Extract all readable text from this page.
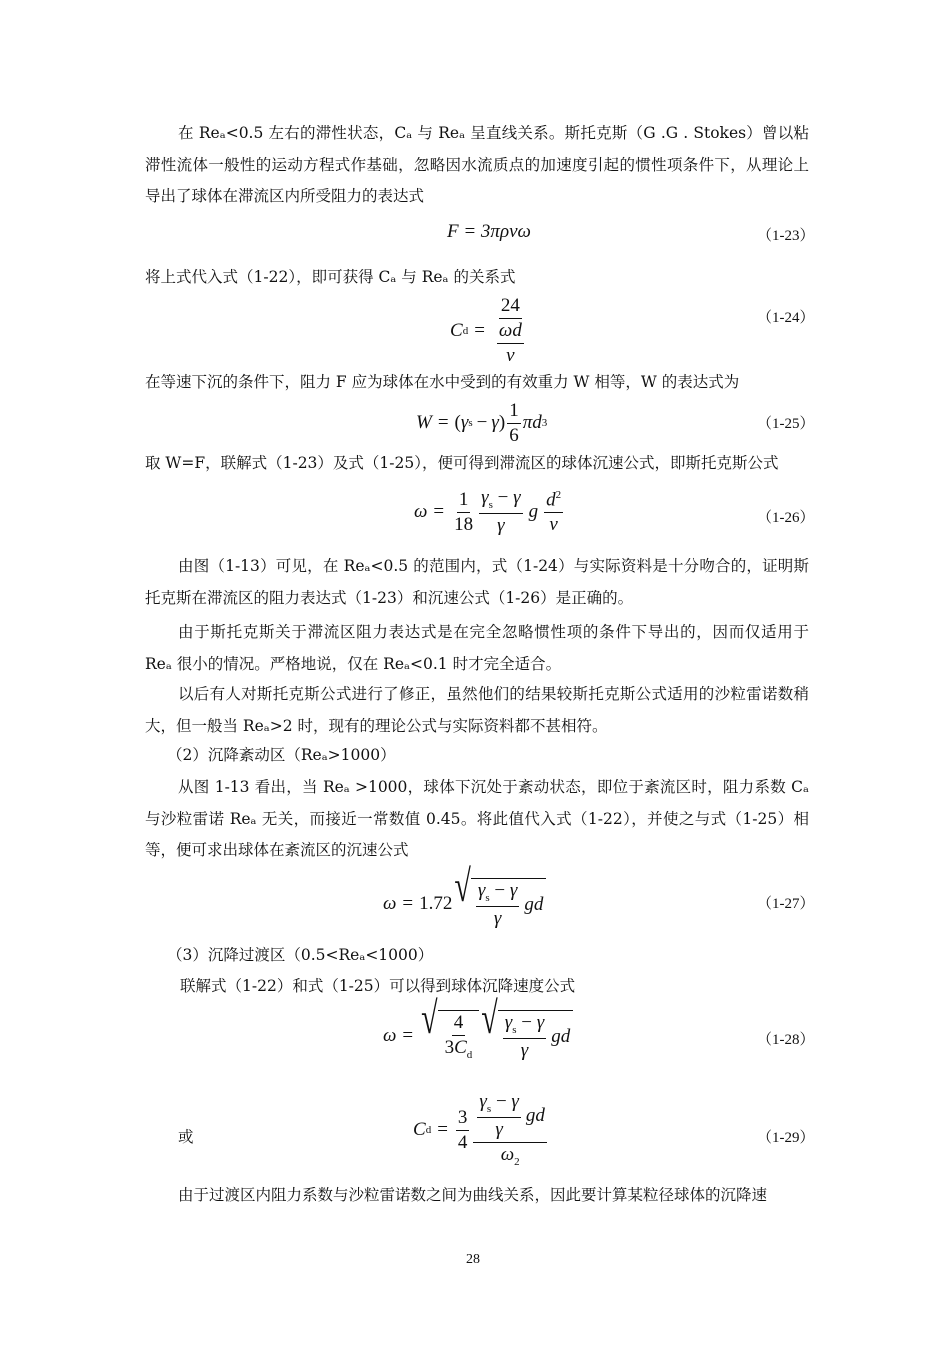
在 Reₐ<0.5 左右的滞性状态，Cₐ 与 Reₐ 呈直线关系。斯托克斯（G .G . Stokes）曾以粘滞性流体一般性的运动方程式作基础，忽略因水流质点的加速度引起的惯性项条件下，从理论上导出了球体在滞流区内所受阻力的表达式

F = 3πρνω	（1-23）

将上式代入式（1-22），即可获得 Cₐ 与 Reₐ 的关系式

C $d = \frac{24}{\frac{\omega d}{\nu}}$	（1-24）

在等速下沉的条件下，阻力 F 应为球体在水中受到的有效重力 W 相等，W 的表达式为

W = ( γ s − γ ) $\frac{1}{6}$ πd 3	（1-25）

取 W=F，联解式（1-23）及式（1-25），便可得到滞流区的球体沉速公式，即斯托克斯公式

$\omega = \frac{1}{18} \frac{\gamma_s - \gamma}{\gamma}$ g $\frac{d^2}{\nu}$	（1-26）

由图（1-13）可见，在 Reₐ<0.5 的范围内，式（1-24）与实际资料是十分吻合的，证明斯托克斯在滞流区的阻力表达式（1-23）和沉速公式（1-26）是正确的。

由于斯托克斯关于滞流区阻力表达式是在完全忽略惯性项的条件下导出的，因而仅适用于 Reₐ 很小的情况。严格地说，仅在 Reₐ<0.1 时才完全适合。

以后有人对斯托克斯公式进行了修正，虽然他们的结果较斯托克斯公式适用的沙粒雷诺数稍大，但一般当 Reₐ>2 时，现有的理论公式与实际资料都不甚相符。

（2）沉降紊动区（Reₐ>1000）

从图 1-13 看出，当 Reₐ >1000，球体下沉处于紊动状态，即位于紊流区时，阻力系数 Cₐ 与沙粒雷诺 Reₐ 无关，而接近一常数值 0.45。将此值代入式（1-22），并使之与式（1-25）相等，便可求出球体在紊流区的沉速公式

ω = 1.72 √ $\frac{\gamma_s - \gamma}{\gamma}$ gd	（1-27）

（3）沉降过渡区（0.5<Reₐ<1000）

联解式（1-22）和式（1-25）可以得到球体沉降速度公式

ω = √ $\frac{4}{3C_d}$ √ $\frac{\gamma_s - \gamma}{\gamma}$ gd	（1-28）
或	C $d = \frac{3}{4} \frac{\frac{\gamma_s - \gamma}{\gamma} gd}{\omega_2}$	（1-29）

由于过渡区内阻力系数与沙粒雷诺数之间为曲线关系，因此要计算某粒径球体的沉降速

28
